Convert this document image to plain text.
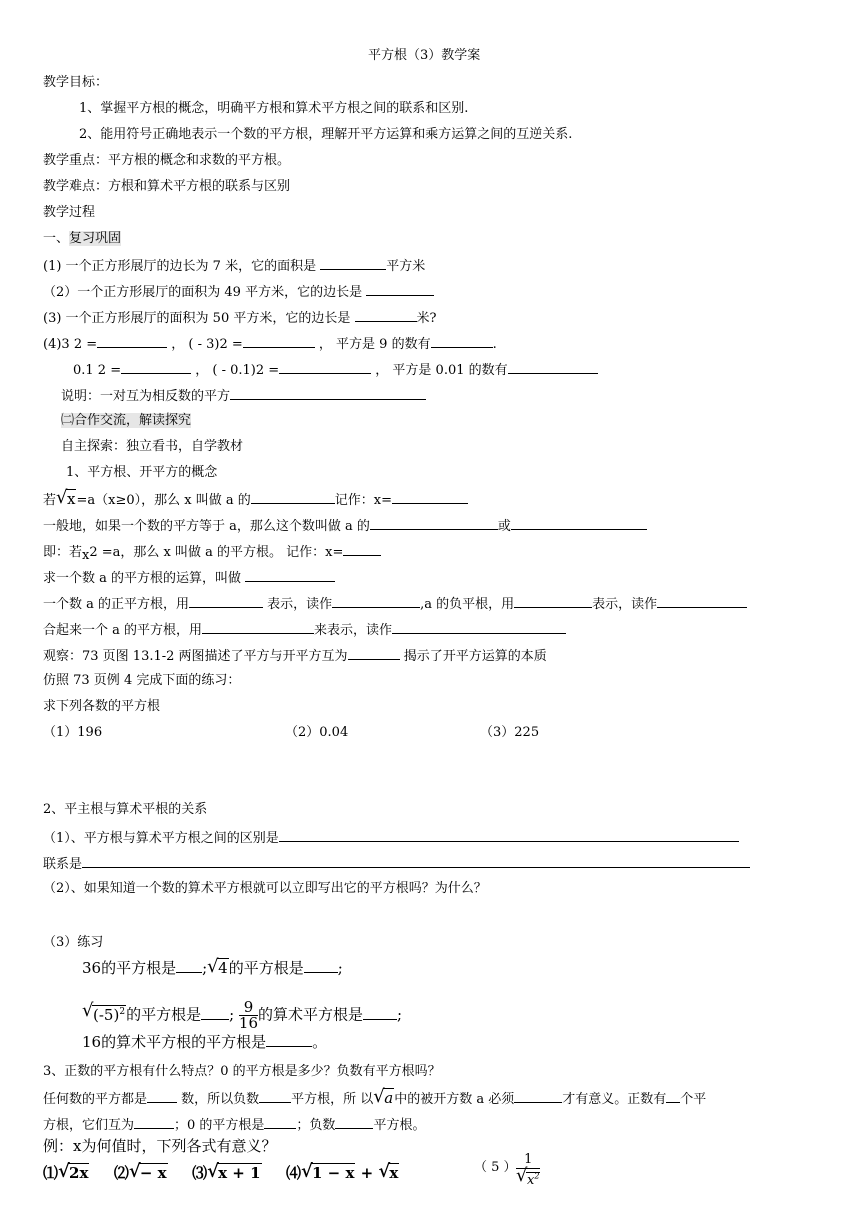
平方根（3）教学案
教学目标：
1、掌握平方根的概念，明确平方根和算术平方根之间的联系和区别.
2、能用符号正确地表示一个数的平方根，理解开平方运算和乘方运算之间的互逆关系.
教学重点：平方根的概念和求数的平方根。
教学难点：方根和算术平方根的联系与区别
教学过程
一、复习巩固
(1) 一个正方形展厅的边长为 7 米，它的面积是	平方米
（2）一个正方形展厅的面积为 49 平方米，它的边长是
(3) 一个正方形展厅的面积为 50 平方米，它的边长是	米?
(4)3 2 =	， ( - 3)2 =	， 平方是 9 的数有	.
0.1 2 =	， ( - 0.1)2 =	， 平方是 0.01 的数有
说明：一对互为相反数的平方
㈡合作交流，解读探究
自主探索：独立看书，自学教材
1、平方根、开平方的概念
若 √ x=a（x≥0），那么 x 叫做 a 的	记作：x=
一般地，如果一个数的平方等于 a，那么这个数叫做 a 的	或
即：若x2 =a，那么 x 叫做 a 的平方根。 记作：x=
求一个数 a 的平方根的运算，叫做
一个数 a 的正平方根，用	表示，读作	,a 的负平根，用	表示，读作
合起来一个 a 的平方根，用	来表示，读作
观察：73 页图 13.1-2 两图描述了平方与开平方互为	揭示了开平方运算的本质
仿照 73 页例 4 完成下面的练习：
求下列各数的平方根
（1）196	（2）0.04	（3）225
2、平主根与算术平根的关系
（1）、平方根与算术平方根之间的区别是
联系是
（2）、如果知道一个数的算术平方根就可以立即写出它的平方根吗？为什么？
（3）练习
36的平方根是 ; √ 4的平方根是 ;
√ $(-5)^2$的平方根是 ; $\frac{9}{16}$ 的算术平方根是 ;
16的算术平方根的平方根是	。
3、正数的平方根有什么特点？0 的平方根是多少？负数有平方根吗？
任何数的平方都是 数，所以负数 平方根，所 以 √ a中的被开方数 a 必须	才有意义。正数有 个平
方根，它们互为	；0 的平方根是 ；负数	平方根。
例：x为何值时，下列各式有意义？
⑴ √ 2x ⑵ √ − x ⑶ √ x + 1 ⑷ √ 1 − x + √ x	（ 5 ） $\frac{1}{√ x^2}$
